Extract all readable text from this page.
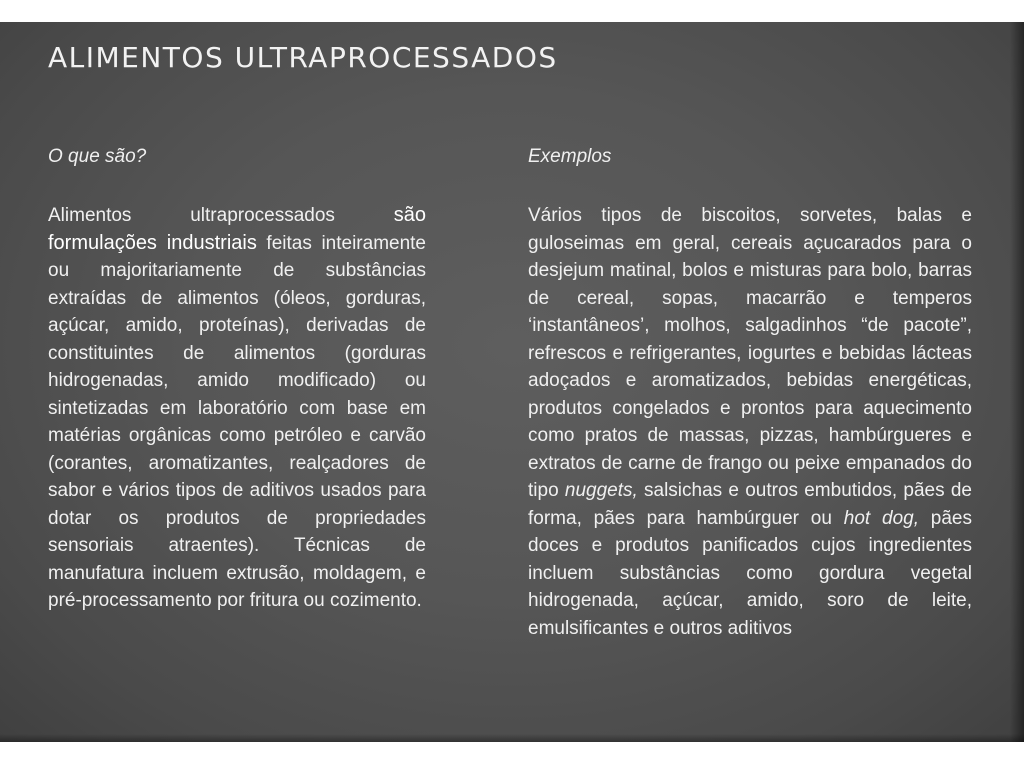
ALIMENTOS ULTRAPROCESSADOS
O que são?

Alimentos ultraprocessados são formulações industriais feitas inteiramente ou majoritariamente de substâncias extraídas de alimentos (óleos, gorduras, açúcar, amido, proteínas), derivadas de constituintes de alimentos (gorduras hidrogenadas, amido modificado) ou sintetizadas em laboratório com base em matérias orgânicas como petróleo e carvão (corantes, aromatizantes, realçadores de sabor e vários tipos de aditivos usados para dotar os produtos de propriedades sensoriais atraentes). Técnicas de manufatura incluem extrusão, moldagem, e pré-processamento por fritura ou cozimento.

Exemplos

Vários tipos de biscoitos, sorvetes, balas e guloseimas em geral, cereais açucarados para o desjejum matinal, bolos e misturas para bolo, barras de cereal, sopas, macarrão e temperos ‘instantâneos’, molhos, salgadinhos “de pacote”, refrescos e refrigerantes, iogurtes e bebidas lácteas adoçados e aromatizados, bebidas energéticas, produtos congelados e prontos para aquecimento como pratos de massas, pizzas, hambúrgueres e extratos de carne de frango ou peixe empanados do tipo nuggets, salsichas e outros embutidos, pães de forma, pães para hambúrguer ou hot dog, pães doces e produtos panificados cujos ingredientes incluem substâncias como gordura vegetal hidrogenada, açúcar, amido, soro de leite, emulsificantes e outros aditivos
